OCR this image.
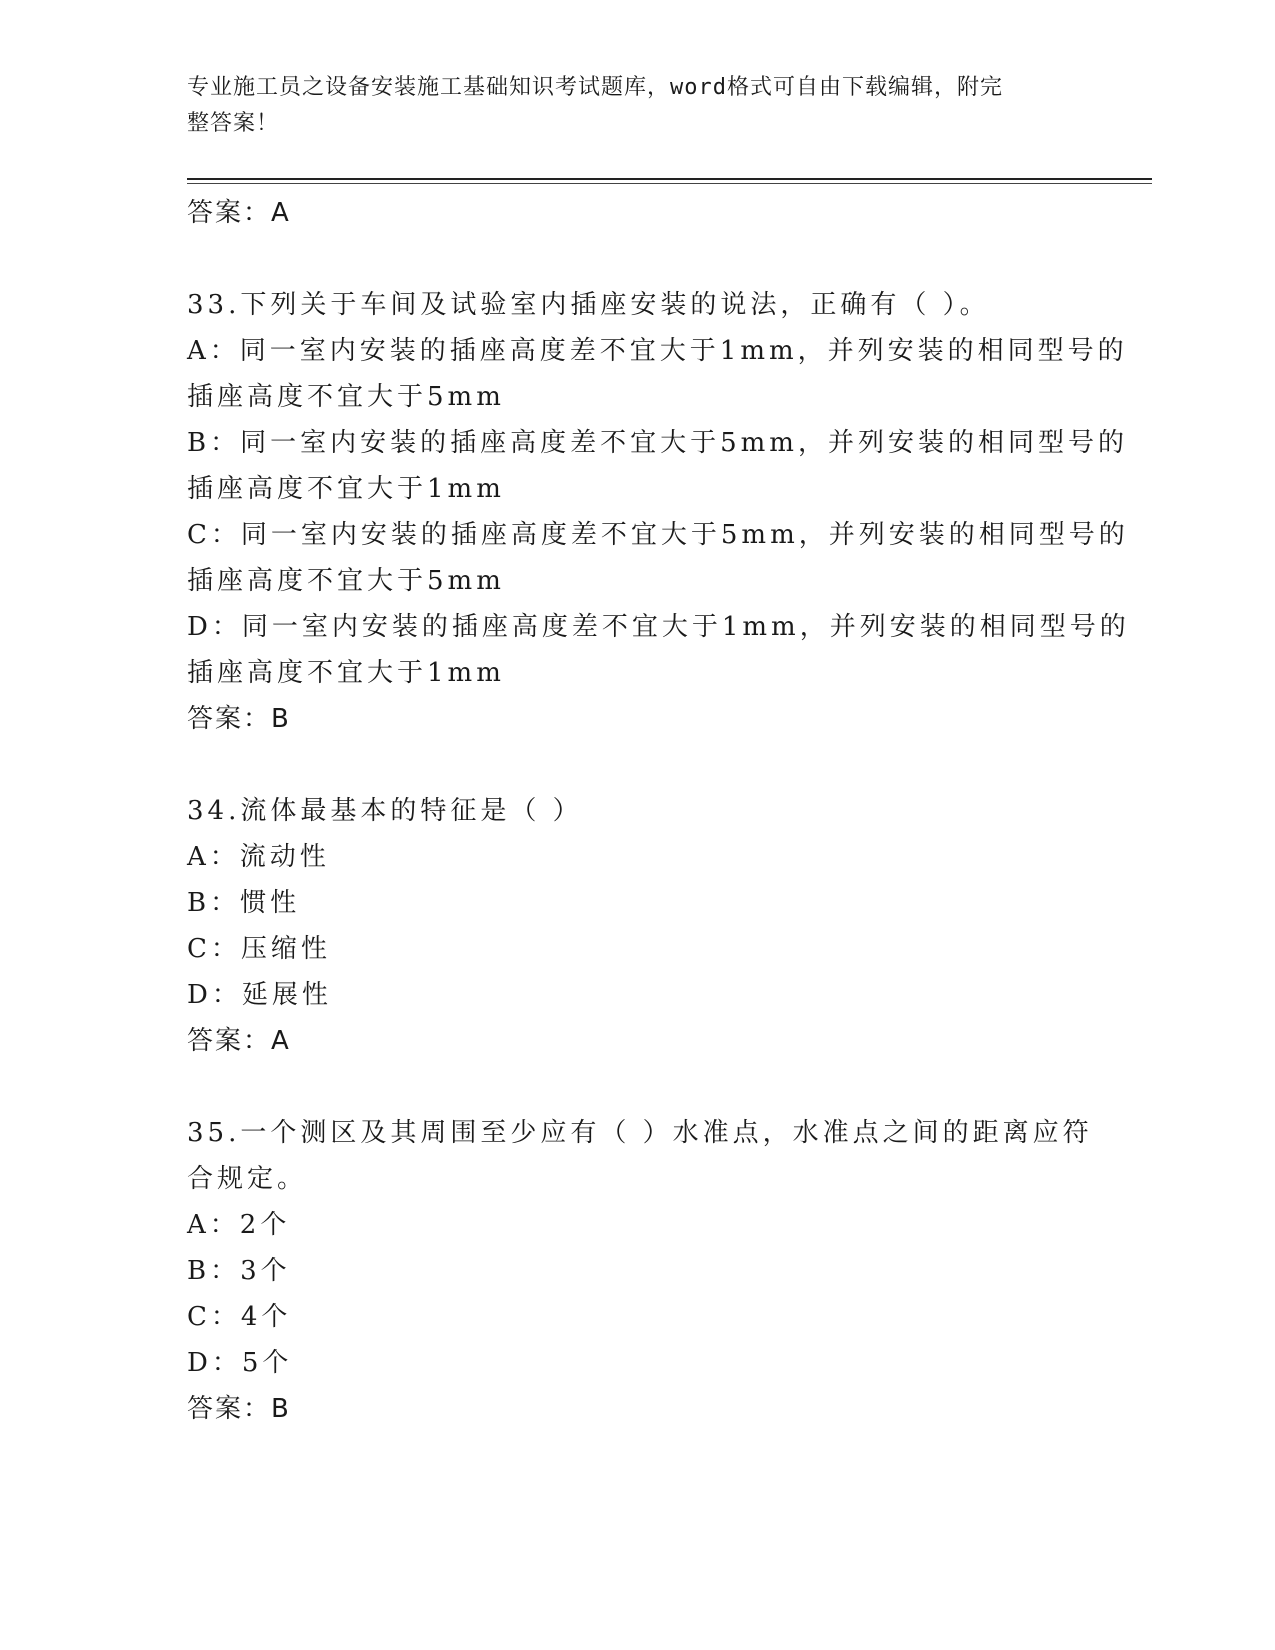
专业施工员之设备安装施工基础知识考试题库，word格式可自由下载编辑，附完
整答案！
答案：A
33.下列关于车间及试验室内插座安装的说法，正确有（ ）。
A：同一室内安装的插座高度差不宜大于1mm，并列安装的相同型号的
插座高度不宜大于5mm
B：同一室内安装的插座高度差不宜大于5mm，并列安装的相同型号的
插座高度不宜大于1mm
C：同一室内安装的插座高度差不宜大于5mm，并列安装的相同型号的
插座高度不宜大于5mm
D：同一室内安装的插座高度差不宜大于1mm，并列安装的相同型号的
插座高度不宜大于1mm
答案：B
34.流体最基本的特征是（ ）
A：流动性
B：惯性
C：压缩性
D：延展性
答案：A
35.一个测区及其周围至少应有（ ）水准点，水准点之间的距离应符
合规定。
A：2个
B：3个
C：4个
D：5个
答案：B
